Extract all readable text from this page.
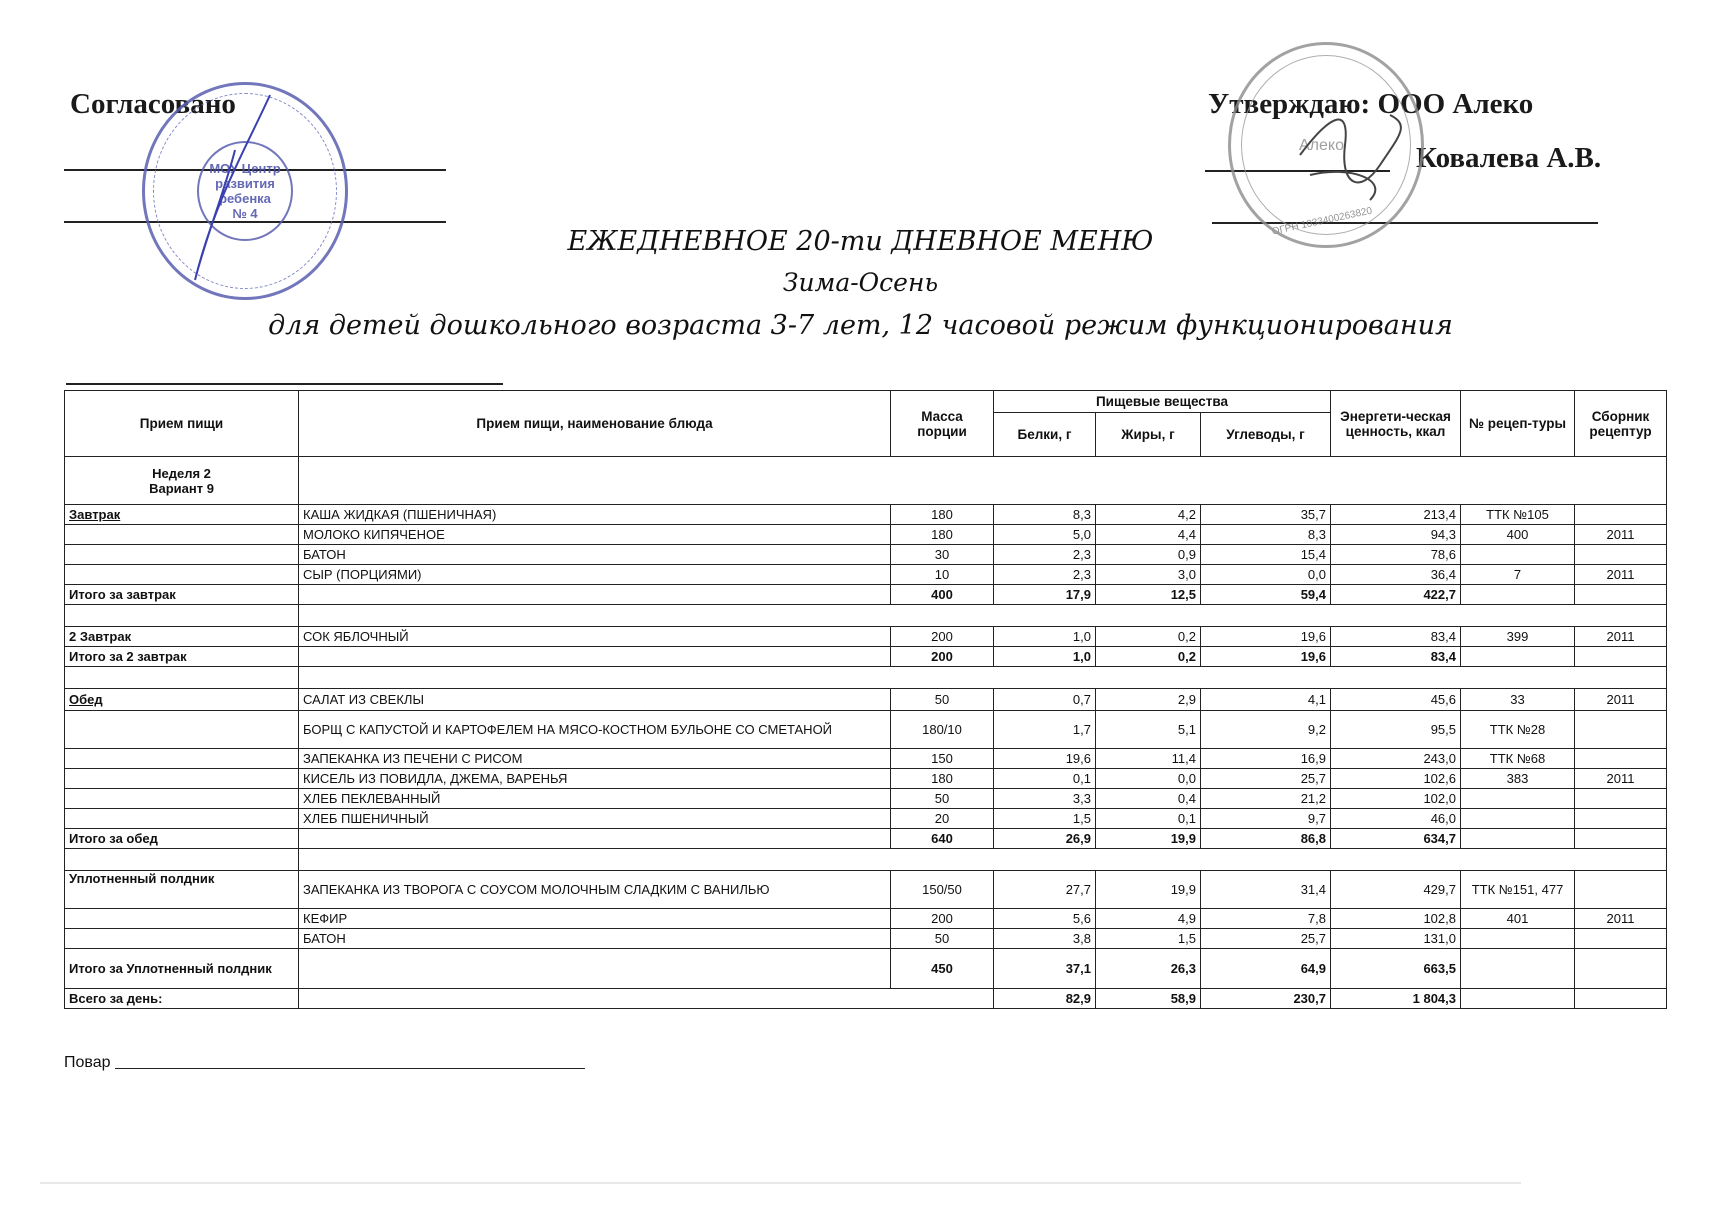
Согласовано
МОУ Центр
развития ребенка
№ 4
Утверждаю: ООО Алеко
Ковалева А.В.
Алеко
ОГРН 1033400263820
ЕЖЕДНЕВНОЕ 20-ти ДНЕВНОЕ МЕНЮ
Зима-Осень
для детей дошкольного возраста 3-7 лет, 12 часовой режим функционирования
Прием пищи	Прием пищи, наименование блюда	Масса порции	Пищевые вещества			Энергети-ческая ценность, ккал	№ рецеп-туры	Сборник рецептур
			Белки, г	Жиры, г	Углеводы, г			

Неделя 2
Вариант 9								

Завтрак	КАША ЖИДКАЯ (ПШЕНИЧНАЯ)	180	8,3	4,2	35,7	213,4	ТТК №105	
	МОЛОКО КИПЯЧЕНОЕ	180	5,0	4,4	8,3	94,3	400	2011
	БАТОН	30	2,3	0,9	15,4	78,6		
	СЫР (ПОРЦИЯМИ)	10	2,3	3,0	0,0	36,4	7	2011
Итого за завтрак		400	17,9	12,5	59,4	422,7		

2 Завтрак	СОК ЯБЛОЧНЫЙ	200	1,0	0,2	19,6	83,4	399	2011
Итого за 2 завтрак		200	1,0	0,2	19,6	83,4		

Обед	САЛАТ ИЗ СВЕКЛЫ	50	0,7	2,9	4,1	45,6	33	2011
	БОРЩ С КАПУСТОЙ И КАРТОФЕЛЕМ НА МЯСО-КОСТНОМ БУЛЬОНЕ СО СМЕТАНОЙ	180/10	1,7	5,1	9,2	95,5	ТТК №28	
	ЗАПЕКАНКА ИЗ ПЕЧЕНИ С РИСОМ	150	19,6	11,4	16,9	243,0	ТТК №68	
	КИСЕЛЬ ИЗ ПОВИДЛА, ДЖЕМА, ВАРЕНЬЯ	180	0,1	0,0	25,7	102,6	383	2011
	ХЛЕБ ПЕКЛЕВАННЫЙ	50	3,3	0,4	21,2	102,0		
	ХЛЕБ ПШЕНИЧНЫЙ	20	1,5	0,1	9,7	46,0		
Итого за обед		640	26,9	19,9	86,8	634,7		

Уплотненный полдник	ЗАПЕКАНКА ИЗ ТВОРОГА С СОУСОМ МОЛОЧНЫМ СЛАДКИМ С ВАНИЛЬЮ	150/50	27,7	19,9	31,4	429,7	ТТК №151, 477	
	КЕФИР	200	5,6	4,9	7,8	102,8	401	2011
	БАТОН	50	3,8	1,5	25,7	131,0		
Итого за Уплотненный полдник		450	37,1	26,3	64,9	663,5		
Всего за день:			82,9	58,9	230,7	1 804,3		
Повар
